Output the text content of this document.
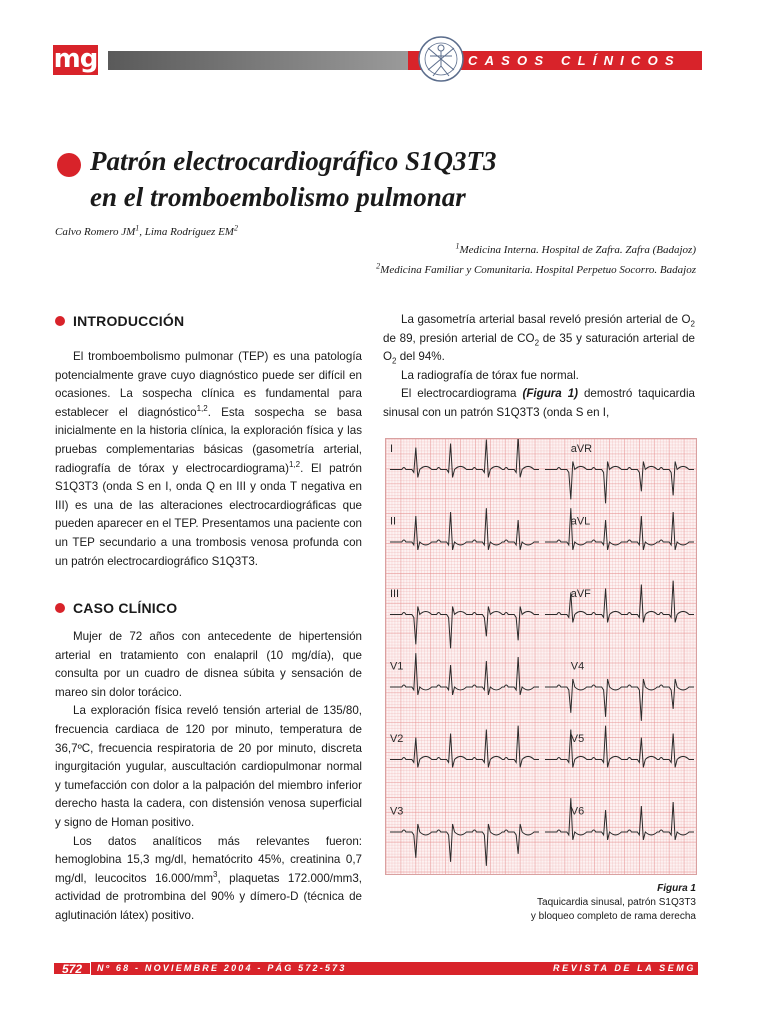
mg	CASOS CLÍNICOS
Patrón electrocardiográfico S1Q3T3
en el tromboembolismo pulmonar
Calvo Romero $JM^1$, Lima Rodríguez $EM^2$
$^1$Medicina Interna. Hospital de Zafra. Zafra (Badajoz)
$^2$Medicina Familiar y Comunitaria. Hospital Perpetuo Socorro. Badajoz
INTRODUCCIÓN

El tromboembolismo pulmonar (TEP) es una patología potencialmente grave cuyo diagnóstico puede ser difícil en ocasiones. La sospecha clínica es fundamental para establecer el diagnóstico$^{1,2}$. Esta sospecha se basa inicialmente en la historia clínica, la exploración física y las pruebas complementarias básicas (gasometría arterial, radiografía de tórax y electrocardiograma)$^{1,2}$. El patrón S1Q3T3 (onda S en I, onda Q en III y onda T negativa en III) es una de las alteraciones electrocardiográficas que pueden aparecer en el TEP. Presentamos una paciente con un TEP secundario a una trombosis venosa profunda con un patrón electrocardiográfico S1Q3T3.

CASO CLÍNICO

Mujer de 72 años con antecedente de hipertensión arterial en tratamiento con enalapril (10 mg/día), que consulta por un cuadro de disnea súbita y sensación de mareo sin dolor torácico.

La exploración física reveló tensión arterial de 135/80, frecuencia cardiaca de 120 por minuto, temperatura de 36,7ºC, frecuencia respiratoria de 20 por minuto, discreta ingurgitación yugular, auscultación cardiopulmonar normal y tumefacción con dolor a la palpación del miembro inferior derecho hasta la cadera, con distensión venosa superficial y signo de Homan positivo.

Los datos analíticos más relevantes fueron: hemoglobina 15,3 mg/dl, hematócrito 45%, creatinina 0,7 mg/dl, leucocitos $16.000/mm^3$, plaquetas 172.000/mm3, actividad de protrombina del 90% y dímero-D (técnica de aglutinación látex) positivo.

La gasometría arterial basal reveló presión arterial de $O_2$ de 89, presión arterial de $CO_2$ de 35 y saturación arterial de $O_2$ del 94%.

La radiografía de tórax fue normal.

El electrocardiograma (Figura 1) demostró taquicardia sinusal con un patrón S1Q3T3 (onda S en I,

I	aVR
II	aVL
III	aVF
V1	V4
V2	V5
V3	V6
Figura 1
Taquicardia sinusal, patrón S1Q3T3
y bloqueo completo de rama derecha
572	Nº 68 - NOVIEMBRE 2004 - PÁG 572-573	REVISTA DE LA SEMG
